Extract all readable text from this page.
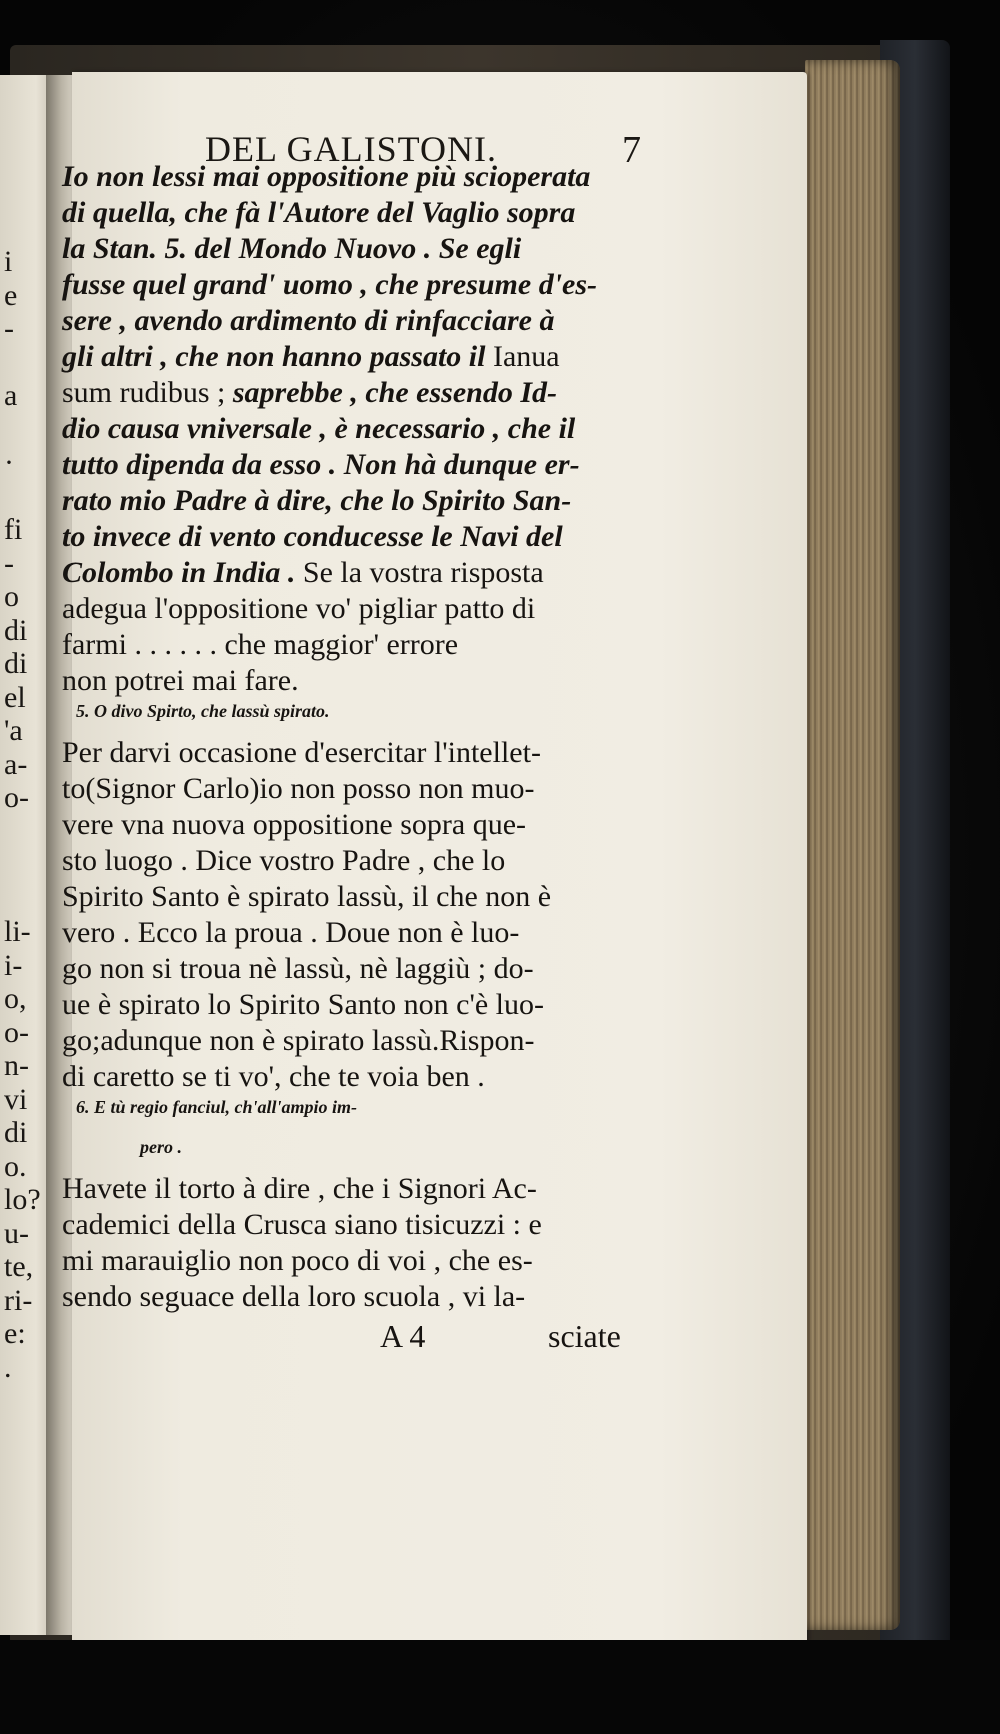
i
e
-
a
·
fi
-
o
di
di
el
'a
a-
o-
li-
i-
o,
o-
n-
vi
di
o.
lo?
u-
te,
ri-
e:
.
DEL GALISTONI.	7
Io non lessi mai oppositione più scioperata
di quella, che fà l'Autore del Vaglio sopra
la Stan. 5. del Mondo Nuovo . Se egli
fusse quel grand' uomo , che presume d'es-
sere , avendo ardimento di rinfacciare à
gli altri , che non hanno passato il Ianua
sum rudibus ; saprebbe , che essendo Id-
dio causa vniversale , è necessario , che il
tutto dipenda da esso . Non hà dunque er-
rato mio Padre à dire, che lo Spirito San-
to invece di vento conducesse le Navi del
Colombo in India . Se la vostra risposta
adegua l'oppositione vo' pigliar patto di
farmi . . . . . . che maggior' errore
non potrei mai fare.
5. O divo Spirto, che lassù spirato.
Per darvi occasione d'esercitar l'intellet-
to(Signor Carlo)io non posso non muo-
vere vna nuova oppositione sopra que-
sto luogo . Dice vostro Padre , che lo
Spirito Santo è spirato lassù, il che non è
vero . Ecco la proua . Doue non è luo-
go non si troua nè lassù, nè laggiù ; do-
ue è spirato lo Spirito Santo non c'è luo-
go;adunque non è spirato lassù.Rispon-
di caretto se ti vo', che te voia ben .
6. E tù regio fanciul, ch'all'ampio im-
pero .
Havete il torto à dire , che i Signori Ac-
cademici della Crusca siano tisicuzzi : e
mi marauiglio non poco di voi , che es-
sendo seguace della loro scuola , vi la-
A 4	sciate
